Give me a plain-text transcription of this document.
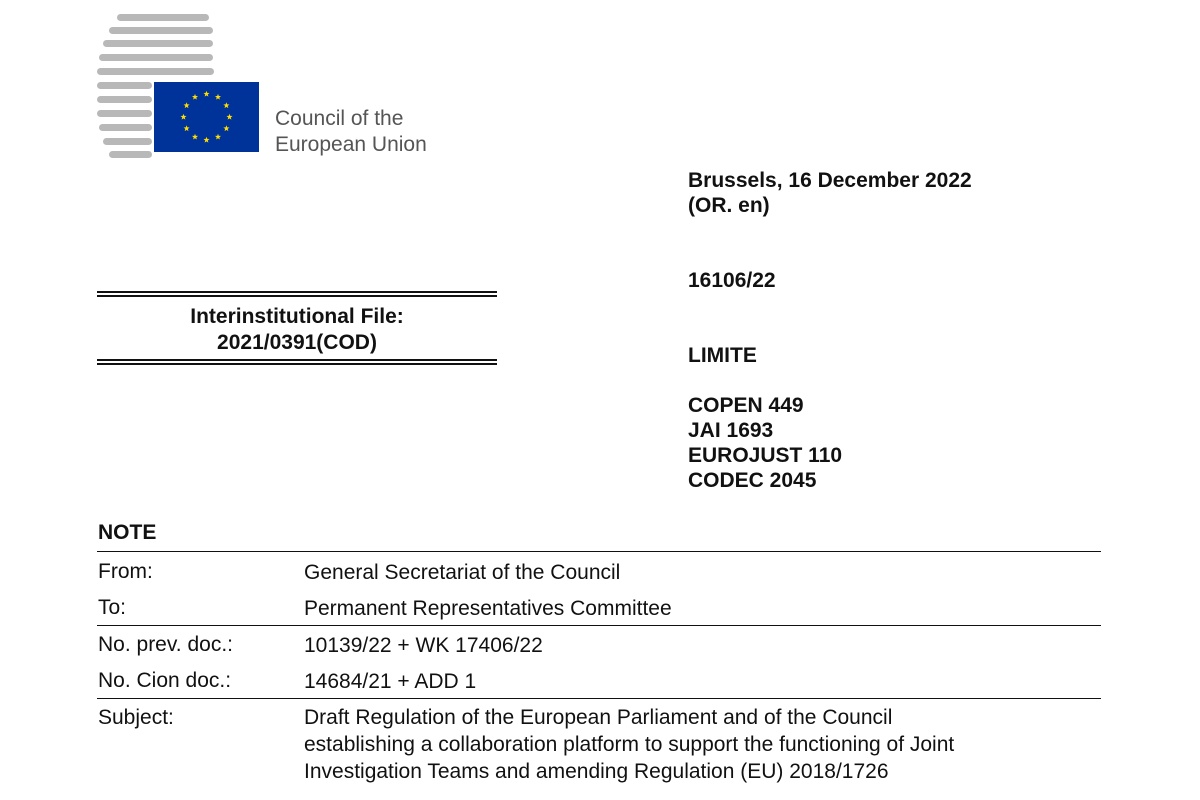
Council of the
European Union
Brussels, 16 December 2022
(OR. en)
16106/22
LIMITE
COPEN 449
JAI 1693
EUROJUST 110
CODEC 2045
Interinstitutional File:
2021/0391(COD)
NOTE
From:	General Secretariat of the Council
To:	Permanent Representatives Committee
No. prev. doc.:	10139/22 + WK 17406/22
No. Cion doc.:	14684/21 + ADD 1
Subject:	Draft Regulation of the European Parliament and of the Council
establishing a collaboration platform to support the functioning of Joint
Investigation Teams and amending Regulation (EU) 2018/1726
